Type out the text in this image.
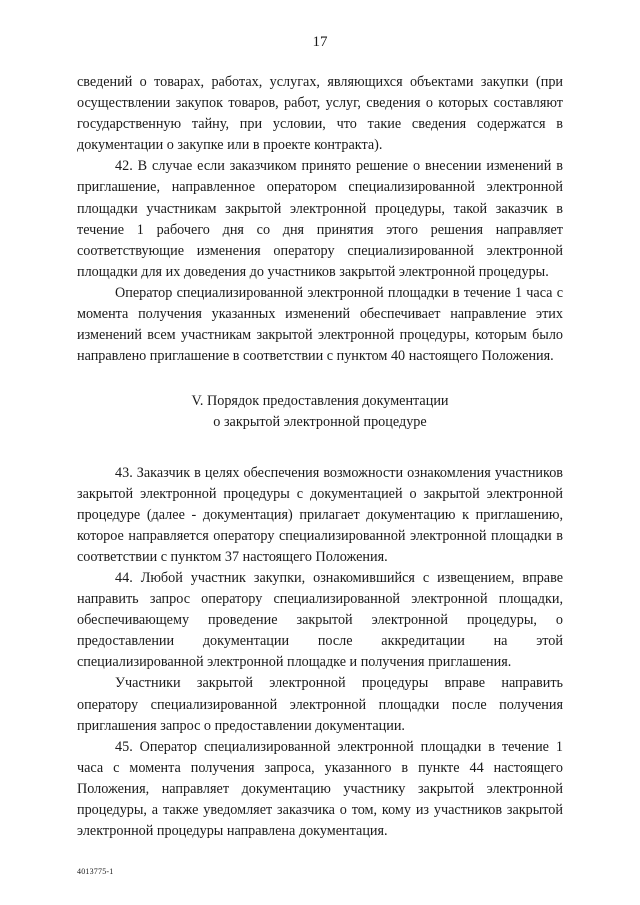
17

сведений о товарах, работах, услугах, являющихся объектами закупки (при осуществлении закупок товаров, работ, услуг, сведения о которых составляют государственную тайну, при условии, что такие сведения содержатся в документации о закупке или в проекте контракта).

42. В случае если заказчиком принято решение о внесении изменений в приглашение, направленное оператором специализированной электронной площадки участникам закрытой электронной процедуры, такой заказчик в течение 1 рабочего дня со дня принятия этого решения направляет соответствующие изменения оператору специализированной электронной площадки для их доведения до участников закрытой электронной процедуры.

Оператор специализированной электронной площадки в течение 1 часа с момента получения указанных изменений обеспечивает направление этих изменений всем участникам закрытой электронной процедуры, которым было направлено приглашение в соответствии с пунктом 40 настоящего Положения.

V. Порядок предоставления документации
о закрытой электронной процедуре

43. Заказчик в целях обеспечения возможности ознакомления участников закрытой электронной процедуры с документацией о закрытой электронной процедуре (далее - документация) прилагает документацию к приглашению, которое направляется оператору специализированной электронной площадки в соответствии с пунктом 37 настоящего Положения.

44. Любой участник закупки, ознакомившийся с извещением, вправе направить запрос оператору специализированной электронной площадки, обеспечивающему проведение закрытой электронной процедуры, о предоставлении документации после аккредитации на этой специализированной электронной площадке и получения приглашения.

Участники закрытой электронной процедуры вправе направить оператору специализированной электронной площадки после получения приглашения запрос о предоставлении документации.

45. Оператор специализированной электронной площадки в течение 1 часа с момента получения запроса, указанного в пункте 44 настоящего Положения, направляет документацию участнику закрытой электронной процедуры, а также уведомляет заказчика о том, кому из участников закрытой электронной процедуры направлена документация.

4013775-1
